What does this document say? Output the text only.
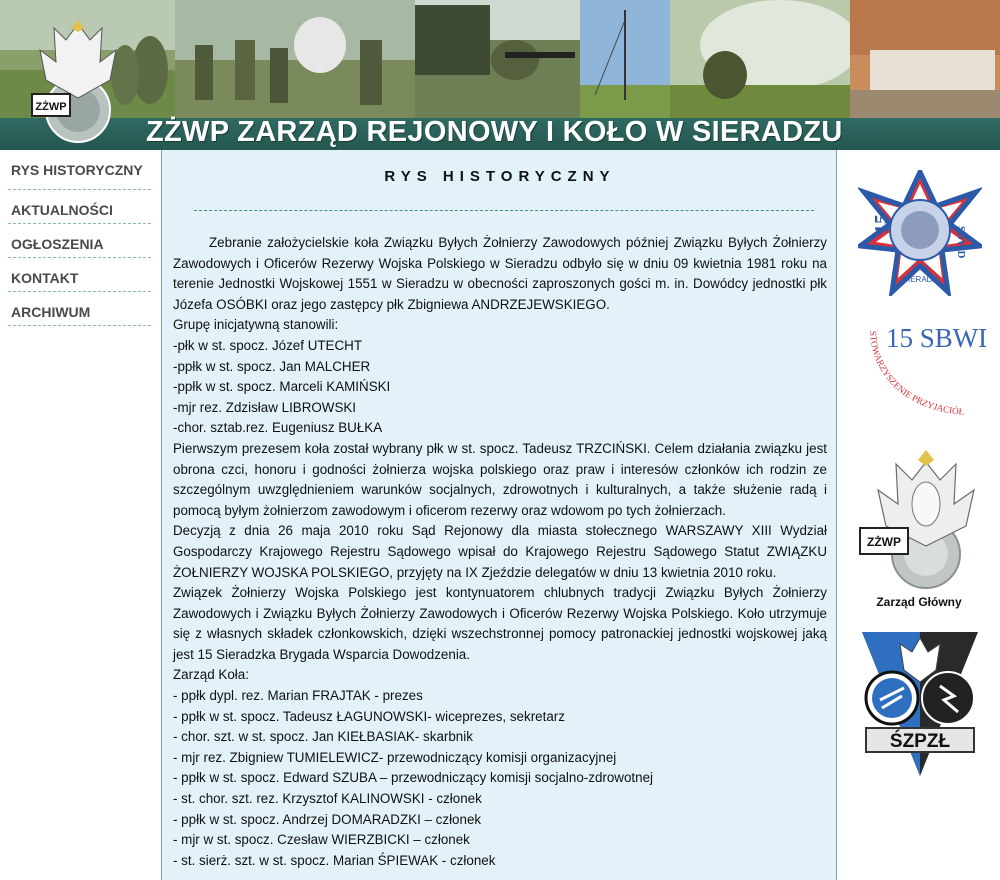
ZŻWP ZARZĄD REJONOWY I KOŁO W SIERADZU
ZŻWP
RYS HISTORYCZNY
AKTUALNOŚCI
OGŁOSZENIA
KONTAKT
ARCHIWUM
RYS HISTORYCZNY

Zebranie założycielskie koła Związku Byłych Żołnierzy Zawodowych później Związku Byłych Żołnierzy Zawodowych i Oficerów Rezerwy Wojska Polskiego w Sieradzu odbyło się w dniu 09 kwietnia 1981 roku na terenie Jednostki Wojskowej 1551 w Sieradzu w obecności zaproszonych gości m. in. Dowódcy jednostki płk Józefa OSÓBKI oraz jego zastępcy płk Zbigniewa ANDRZEJEWSKIEGO.

Grupę inicjatywną stanowili:

-płk w st. spocz. Józef UTECHT

-ppłk w st. spocz. Jan MALCHER

-ppłk w st. spocz. Marceli KAMIŃSKI

-mjr rez. Zdzisław LIBROWSKI

-chor. sztab.rez. Eugeniusz BUŁKA

Pierwszym prezesem koła został wybrany płk w st. spocz. Tadeusz TRZCIŃSKI. Celem działania związku jest obrona czci, honoru i godności żołnierza wojska polskiego oraz praw i interesów członków ich rodzin ze szczególnym uwzględnieniem warunków socjalnych, zdrowotnych i kulturalnych, a także służenie radą i pomocą byłym żołnierzom zawodowym i oficerom rezerwy oraz wdowom po tych żołnierzach.

Decyzją z dnia 26 maja 2010 roku Sąd Rejonowy dla miasta stołecznego WARSZAWY XIII Wydział Gospodarczy Krajowego Rejestru Sądowego wpisał do Krajowego Rejestru Sądowego Statut ZWIĄZKU ŻOŁNIERZY WOJSKA POLSKIEGO, przyjęty na IX Zjeździe delegatów w dniu 13 kwietnia 2010 roku.

Związek Żołnierzy Wojska Polskiego jest kontynuatorem chlubnych tradycji Związku Byłych Żołnierzy Zawodowych i Związku Byłych Żołnierzy Zawodowych i Oficerów Rezerwy Wojska Polskiego. Koło utrzymuje się z własnych składek członkowskich, dzięki wszechstronnej pomocy patronackiej jednostki wojskowej jaką jest 15 Sieradzka Brygada Wsparcia Dowodzenia.

Zarząd Koła:

- ppłk dypl. rez. Marian FRAJTAK - prezes

- ppłk w st. spocz. Tadeusz ŁAGUNOWSKI- wiceprezes, sekretarz

- chor. szt. w st. spocz. Jan KIEŁBASIAK- skarbnik

- mjr rez. Zbigniew TUMIELEWICZ- przewodniczący komisji organizacyjnej

- ppłk w st. spocz. Edward SZUBA – przewodniczący komisji socjalno-zdrowotnej

- st. chor. szt. rez. Krzysztof KALINOWSKI - członek

- ppłk w st. spocz. Andrzej DOMARADZKI – członek

- mjr w st. spocz. Czesław WIERZBICKI – członek

- st. sierż. szt. w st. spocz. Marian ŚPIEWAK - członek

15
SBWD
1968
SIERADZ
15 SBW
STOWARZYSZENIE PRZYJACIÓŁ
ZŻWP
Zarząd Główny
ŚZPZŁ
